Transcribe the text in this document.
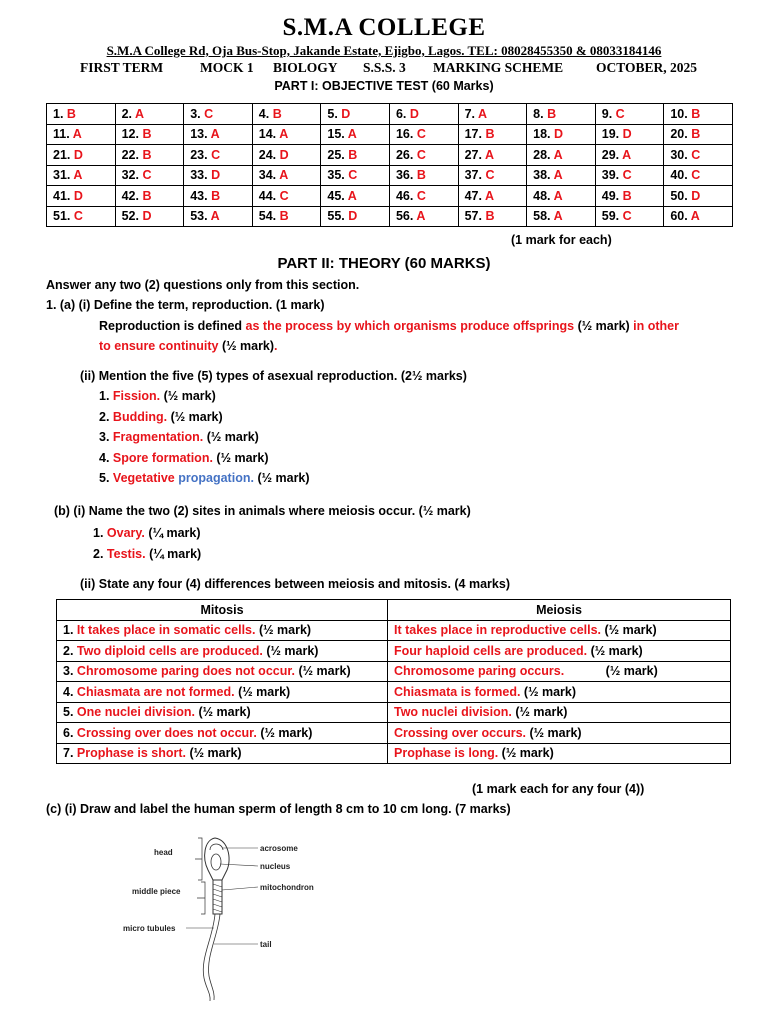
S.M.A COLLEGE
S.M.A College Rd, Oja Bus-Stop, Jakande Estate, Ejigbo, Lagos. TEL: 08028455350 & 08033184146
FIRST TERM	MOCK 1 BIOLOGY S.S.S. 3 MARKING SCHEME OCTOBER, 2025
PART I: OBJECTIVE TEST (60 Marks)
1. B	2. A	3. C	4. B	5. D	6. D	7. A	8. B	9. C	10. B
11. A	12. B	13. A	14. A	15. A	16. C	17. B	18. D	19. D	20. B
21. D	22. B	23. C	24. D	25. B	26. C	27. A	28. A	29. A	30. C
31. A	32. C	33. D	34. A	35. C	36. B	37. C	38. A	39. C	40. C
41. D	42. B	43. B	44. C	45. A	46. C	47. A	48. A	49. B	50. D
51. C	52. D	53. A	54. B	55. D	56. A	57. B	58. A	59. C	60. A
(1 mark for each)
PART II: THEORY (60 MARKS)
Answer any two (2) questions only from this section.
1. (a) (i) Define the term, reproduction. (1 mark)
Reproduction is defined as the process by which organisms produce offsprings (½ mark) in other
to ensure continuity (½ mark).
(ii) Mention the five (5) types of asexual reproduction. (2½ marks)
1. Fission. (½ mark)
2. Budding. (½ mark)
3. Fragmentation. (½ mark)
4. Spore formation. (½ mark)
5. Vegetative propagation. (½ mark)
(b) (i) Name the two (2) sites in animals where meiosis occur. (½ mark)
1. Ovary. (¼ mark)
2. Testis. (¼ mark)
(ii) State any four (4) differences between meiosis and mitosis. (4 marks)
Mitosis	Meiosis
1. It takes place in somatic cells. (½ mark)	It takes place in reproductive cells. (½ mark)
2. Two diploid cells are produced. (½ mark)	Four haploid cells are produced. (½ mark)
3. Chromosome paring does not occur. (½ mark)	Chromosome paring occurs. (½ mark)
4. Chiasmata are not formed. (½ mark)	Chiasmata is formed. (½ mark)
5. One nuclei division. (½ mark)	Two nuclei division. (½ mark)
6. Crossing over does not occur. (½ mark)	Crossing over occurs. (½ mark)
7. Prophase is short. (½ mark)	Prophase is long. (½ mark)
(1 mark each for any four (4))
(c) (i) Draw and label the human sperm of length 8 cm to 10 cm long. (7 marks)
head
middle piece
micro tubules
acrosome
nucleus
mitochondron
tail
